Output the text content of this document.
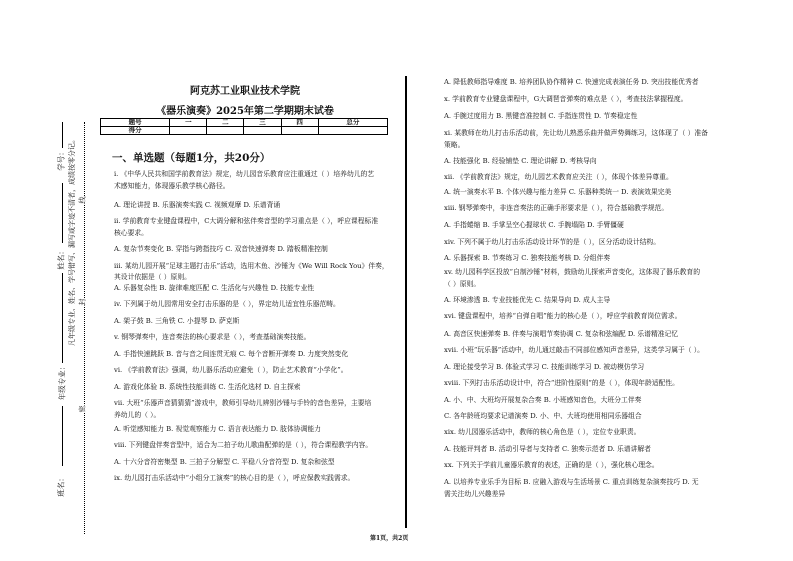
学号：
姓名：
年级专业：
班名：
凡年级专业、姓名、学号错写、漏写或字迹不清者，成绩按零分记。 线
封
密
阿克苏工业职业技术学院
《器乐演奏》2025年第二学期期末试卷
题号	一	二	三	四	总分
得分					
一、单选题（每题1分，共20分）
i. 《中华人民共和国学前教育法》规定，幼儿园音乐教育应注重通过（ ）培养幼儿的艺
术感知能力，体现器乐教学核心路径。
A. 理论讲授 B. 乐器演奏实践 C. 视频观摩 D. 乐谱背诵
ii. 学前教育专业键盘课程中，C大调分解和弦伴奏音型的学习重点是（ ），呼应课程标准
核心要求。
A. 复杂节奏变化 B. 穿指与跨指技巧 C. 双音快速弹奏 D. 踏板精准控制
iii. 某幼儿园开展“足球主题打击乐”活动，选用木鱼、沙锤为《We Will Rock You》伴奏，
其设计依据是（ ）原则。
A. 乐器复杂性 B. 旋律难度匹配 C. 生活化与兴趣性 D. 技能专业性
iv. 下列属于幼儿园常用安全打击乐器的是（ ），界定幼儿适宜性乐器范畴。
A. 架子鼓 B. 三角铁 C. 小提琴 D. 萨克斯
v. 钢琴弹奏中，连音奏法的核心要求是（ ），考查基础演奏技能。
A. 手指快速跳跃 B. 音与音之间连贯无痕 C. 每个音断开弹奏 D. 力度突然变化
vi. 《学前教育法》强调，幼儿器乐活动应避免（ ），防止艺术教育“小学化”。
A. 游戏化体验 B. 系统性技能训练 C. 生活化选材 D. 自主探索
vii. 大班“乐器声音猜猜猜”游戏中，教师引导幼儿辨别沙锤与手铃的音色差异，主要培
养幼儿的（ ）。
A. 听觉感知能力 B. 视觉观察能力 C. 语言表达能力 D. 肢体协调能力
viii. 下列键盘伴奏音型中，适合为二拍子幼儿歌曲配弹的是（ ），符合课程教学内容。
A. 十六分音符密集型 B. 三拍子分解型 C. 平稳八分音符型 D. 复杂和弦型
ix. 幼儿园打击乐活动中“小组分工演奏”的核心目的是（ ），呼应保教实践需求。
A. 降低教师指导难度 B. 培养团队协作精神 C. 快速完成表演任务 D. 突出技能优秀者
x. 学前教育专业键盘课程中，G大调琶音弹奏的难点是（ ），考查技法掌握程度。
A. 手腕过度用力 B. 黑键音准控制 C. 手指连贯性 D. 节奏稳定性
xi. 某教师在幼儿打击乐活动前，先让幼儿熟悉乐曲并做声势舞练习，这体现了（ ）准备
策略。
A. 技能强化 B. 经验铺垫 C. 理论讲解 D. 考核导向
xii. 《学前教育法》规定，幼儿园艺术教育应关注（ ），体现个体差异尊重。
A. 统一演奏水平 B. 个体兴趣与能力差异 C. 乐器种类统一 D. 表演效果完美
xiii. 钢琴弹奏中，非连音奏法的正确手形要求是（ ），符合基础教学规范。
A. 手指蜷缩 B. 手掌呈空心握球状 C. 手腕塌陷 D. 手臂僵硬
xiv. 下列不属于幼儿打击乐活动设计环节的是（ ），区分活动设计结构。
A. 乐器探索 B. 节奏练习 C. 独奏技能考核 D. 分组伴奏
xv. 幼儿园科学区投放“自制沙锤”材料，鼓励幼儿探索声音变化，这体现了器乐教育的
（ ）原则。
A. 环境渗透 B. 专业技能优先 C. 结果导向 D. 成人主导
xvi. 键盘课程中，培养“自弹自唱”能力的核心是（ ），呼应学前教育岗位需求。
A. 高音区快速弹奏 B. 伴奏与演唱节奏协调 C. 复杂和弦编配 D. 乐谱精准记忆
xvii. 小班“玩乐器”活动中，幼儿通过敲击不同部位感知声音差异，这类学习属于（ ）。
A. 理论接受学习 B. 体验式学习 C. 技能训练学习 D. 被动模仿学习
xviii. 下列打击乐活动设计中，符合“进阶性原则”的是（ ），体现年龄适配性。
A. 小、中、大班均开展复杂合奏 B. 小班感知音色，大班分工伴奏
C. 各年龄班均要求记谱演奏 D. 小、中、大班均使用相同乐器组合
xix. 幼儿园器乐活动中，教师的核心角色是（ ），定位专业职责。
A. 技能评判者 B. 活动引导者与支持者 C. 独奏示范者 D. 乐谱讲解者
xx. 下列关于学前儿童器乐教育的表述，正确的是（ ），强化核心理念。
A. 以培养专业乐手为目标 B. 应融入游戏与生活场景 C. 重点训练复杂演奏技巧 D. 无
需关注幼儿兴趣差异
第1页，共2页
